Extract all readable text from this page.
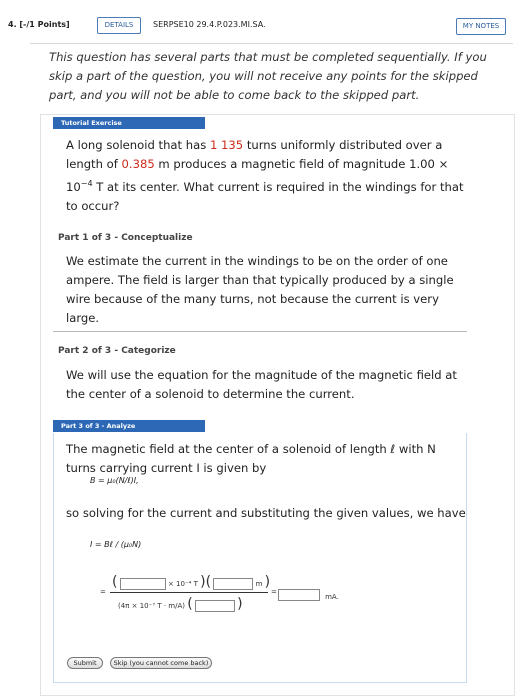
4. [-/1 Points]	DETAILS	SERPSE10 29.4.P.023.MI.SA.	MY NOTES
This question has several parts that must be completed sequentially. If you skip a part of the question, you will not receive any points for the skipped part, and you will not be able to come back to the skipped part.
Tutorial Exercise
A long solenoid that has 1 135 turns uniformly distributed over a length of 0.385 m produces a magnetic field of magnitude $1.00 \times 10^{-4}$ T at its center. What current is required in the windings for that to occur?
Part 1 of 3 - Conceptualize
We estimate the current in the windings to be on the order of one ampere. The field is larger than that typically produced by a single wire because of the many turns, not because the current is very large.
Part 2 of 3 - Categorize
We will use the equation for the magnitude of the magnetic field at the center of a solenoid to determine the current.
Part 3 of 3 - Analyze
The magnetic field at the center of a solenoid of length ℓ with N turns carrying current I is given by
B = μ₀(N/ℓ)I,
so solving for the current and substituting the given values, we have
I = Bℓ / (μ₀N)
(	× 10⁻⁴ T )(	m )
=
(4π × 10⁻⁷ T · m/A) (	)
=
mA.
Submit	Skip (you cannot come back)
